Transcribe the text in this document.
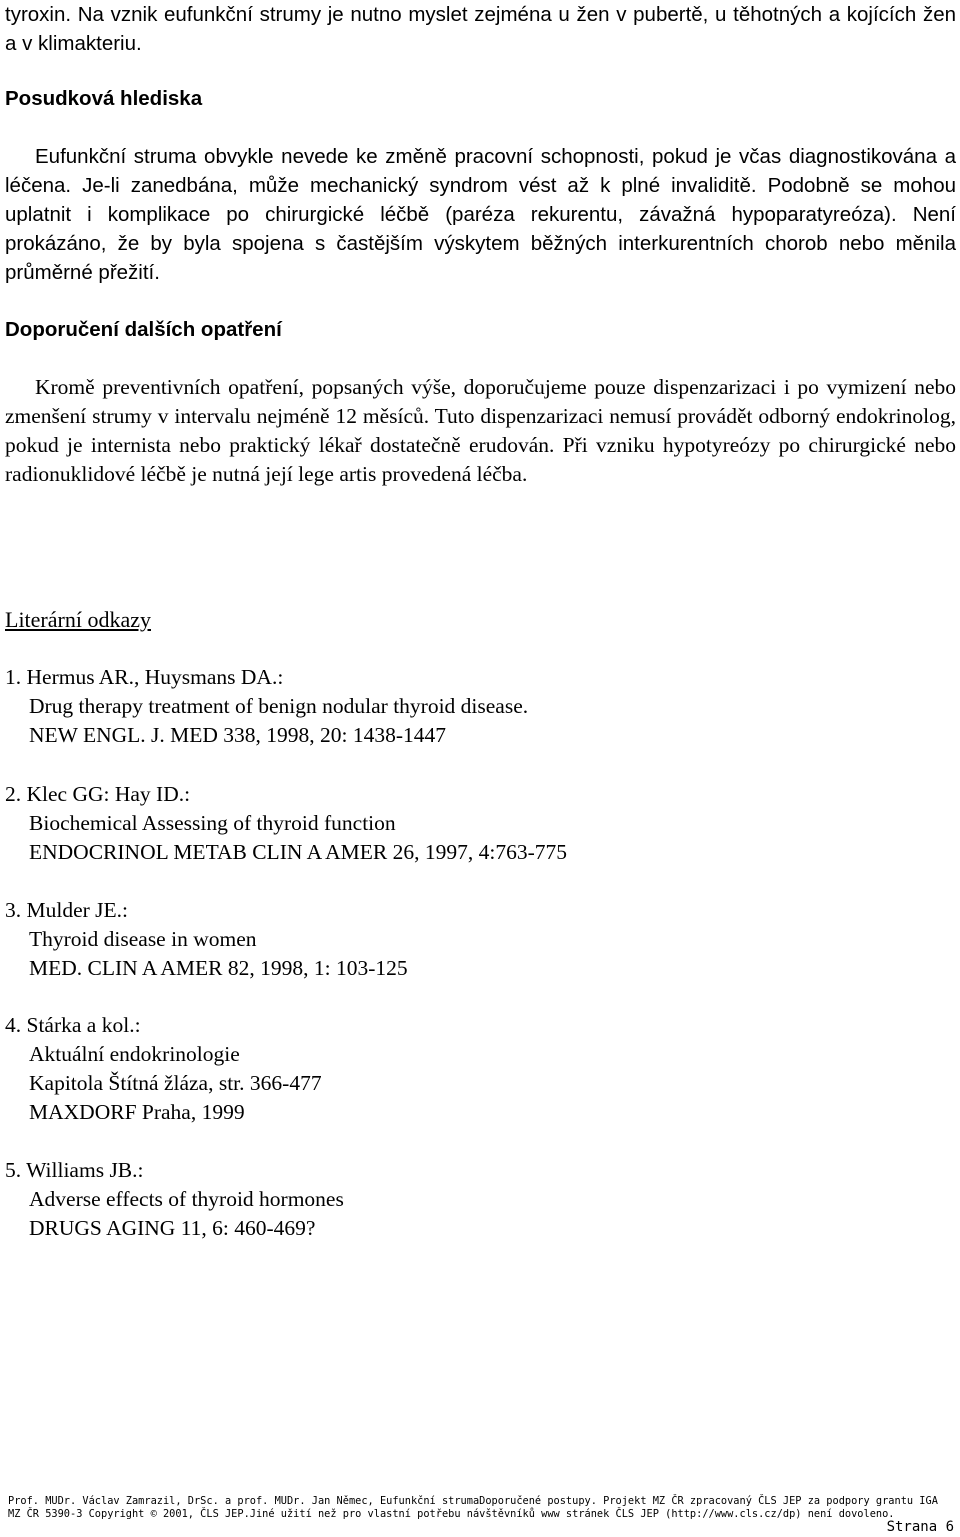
tyroxin. Na vznik eufunkční strumy je nutno myslet zejména u žen v pubertě, u těhotných a kojících žen a v klimakteriu.

Posudková hlediska

Eufunkční struma obvykle nevede ke změně pracovní schopnosti, pokud je včas diagnostikována a léčena. Je-li zanedbána, může mechanický syndrom vést až k plné invaliditě. Podobně se mohou uplatnit i komplikace po chirurgické léčbě (paréza rekurentu, závažná hypoparatyreóza). Není prokázáno, že by byla spojena s častějším výskytem běžných interkurentních chorob nebo měnila průměrné přežití.

Doporučení dalších opatření

Kromě preventivních opatření, popsaných výše, doporučujeme pouze dispenzarizaci i po vymizení nebo zmenšení strumy v intervalu nejméně 12 měsíců. Tuto dispenzarizaci nemusí provádět odborný endokrinolog, pokud je internista nebo praktický lékař dostatečně erudován. Při vzniku hypotyreózy po chirurgické nebo radionuklidové léčbě je nutná její lege artis provedená léčba.

Literární odkazy

1. Hermus AR., Huysmans DA.:
Drug therapy treatment of benign nodular thyroid disease.
NEW ENGL. J. MED 338, 1998, 20: 1438-1447
2. Klec GG: Hay ID.:
Biochemical Assessing of thyroid function
ENDOCRINOL METAB CLIN A AMER 26, 1997, 4:763-775
3. Mulder JE.:
Thyroid disease in women
MED. CLIN A AMER 82, 1998, 1: 103-125
4. Stárka a kol.:
Aktuální endokrinologie
Kapitola Štítná žláza, str. 366-477
MAXDORF Praha, 1999
5. Williams JB.:
Adverse effects of thyroid hormones
DRUGS AGING 11, 6: 460-469?
Prof. MUDr. Václav Zamrazil, DrSc. a prof. MUDr. Jan Němec, Eufunkční strumaDoporučené postupy. Projekt MZ ČR zpracovaný ČLS JEP za podpory grantu IGA
MZ ČR 5390-3 Copyright © 2001, ČLS JEP.Jiné užití než pro vlastní potřebu návštěvníků www stránek ČLS JEP (http://www.cls.cz/dp) není dovoleno.
Strana 6
